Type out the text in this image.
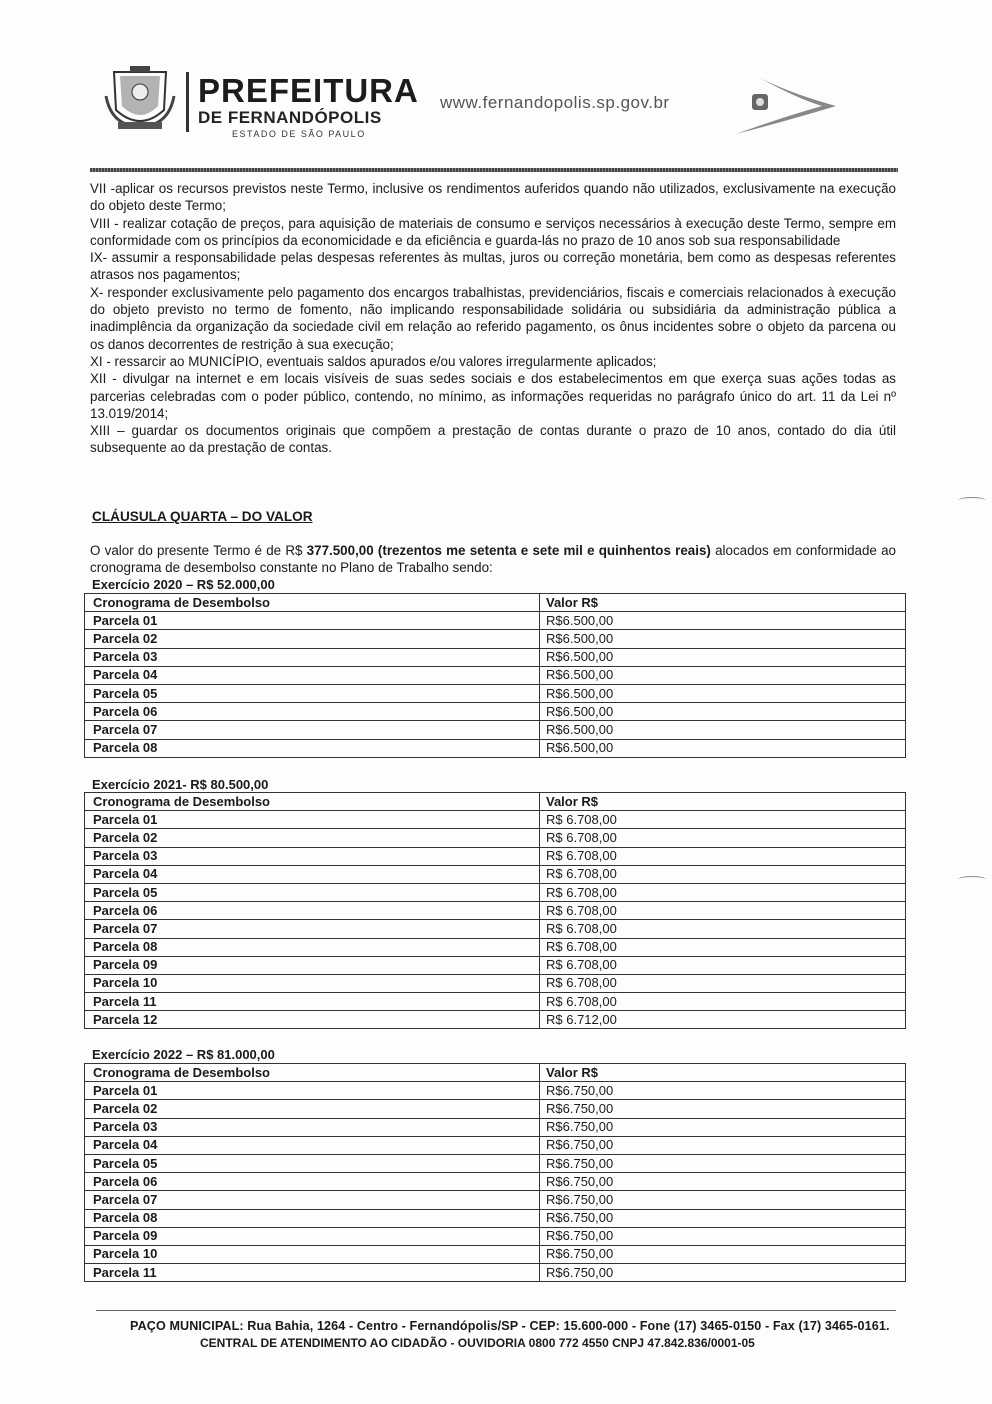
PREFEITURA
DE FERNANDÓPOLIS
ESTADO DE SÃO PAULO
www.fernandopolis.sp.gov.br

VII -aplicar os recursos previstos neste Termo, inclusive os rendimentos auferidos quando não utilizados, exclusivamente na execução do objeto deste Termo;

VIII - realizar cotação de preços, para aquisição de materiais de consumo e serviços necessários à execução deste Termo, sempre em conformidade com os princípios da economicidade e da eficiência e guarda-lás no prazo de 10 anos sob sua responsabilidade

IX- assumir a responsabilidade pelas despesas referentes às multas, juros ou correção monetária, bem como as despesas referentes atrasos nos pagamentos;

X- responder exclusivamente pelo pagamento dos encargos trabalhistas, previdenciários, fiscais e comerciais relacionados à execução do objeto previsto no termo de fomento, não implicando responsabilidade solidária ou subsidiária da administração pública a inadimplência da organização da sociedade civil em relação ao referido pagamento, os ônus incidentes sobre o objeto da parcena ou os danos decorrentes de restrição à sua execução;

XI - ressarcir ao MUNICÍPIO, eventuais saldos apurados e/ou valores irregularmente aplicados;

XII - divulgar na internet e em locais visíveis de suas sedes sociais e dos estabelecimentos em que exerça suas ações todas as parcerias celebradas com o poder público, contendo, no mínimo, as informações requeridas no parágrafo único do art. 11 da Lei nº 13.019/2014;

XIII – guardar os documentos originais que compõem a prestação de contas durante o prazo de 10 anos, contado do dia útil subsequente ao da prestação de contas.

CLÁUSULA QUARTA – DO VALOR
O valor do presente Termo é de R$ 377.500,00 (trezentos me setenta e sete mil e quinhentos reais) alocados em conformidade ao cronograma de desembolso constante no Plano de Trabalho sendo:
Exercício 2020 – R$ 52.000,00
Cronograma de Desembolso	Valor R$
Parcela 01	R$6.500,00
Parcela 02	R$6.500,00
Parcela 03	R$6.500,00
Parcela 04	R$6.500,00
Parcela 05	R$6.500,00
Parcela 06	R$6.500,00
Parcela 07	R$6.500,00
Parcela 08	R$6.500,00
Exercício 2021- R$ 80.500,00
Cronograma de Desembolso	Valor R$
Parcela 01	R$ 6.708,00
Parcela 02	R$ 6.708,00
Parcela 03	R$ 6.708,00
Parcela 04	R$ 6.708,00
Parcela 05	R$ 6.708,00
Parcela 06	R$ 6.708,00
Parcela 07	R$ 6.708,00
Parcela 08	R$ 6.708,00
Parcela 09	R$ 6.708,00
Parcela 10	R$ 6.708,00
Parcela 11	R$ 6.708,00
Parcela 12	R$ 6.712,00
Exercício 2022 – R$ 81.000,00
Cronograma de Desembolso	Valor R$
Parcela 01	R$6.750,00
Parcela 02	R$6.750,00
Parcela 03	R$6.750,00
Parcela 04	R$6.750,00
Parcela 05	R$6.750,00
Parcela 06	R$6.750,00
Parcela 07	R$6.750,00
Parcela 08	R$6.750,00
Parcela 09	R$6.750,00
Parcela 10	R$6.750,00
Parcela 11	R$6.750,00
PAÇO MUNICIPAL: Rua Bahia, 1264 - Centro - Fernandópolis/SP - CEP: 15.600-000 - Fone (17) 3465-0150 - Fax (17) 3465-0161.
CENTRAL DE ATENDIMENTO AO CIDADÃO - OUVIDORIA 0800 772 4550 CNPJ 47.842.836/0001-05
